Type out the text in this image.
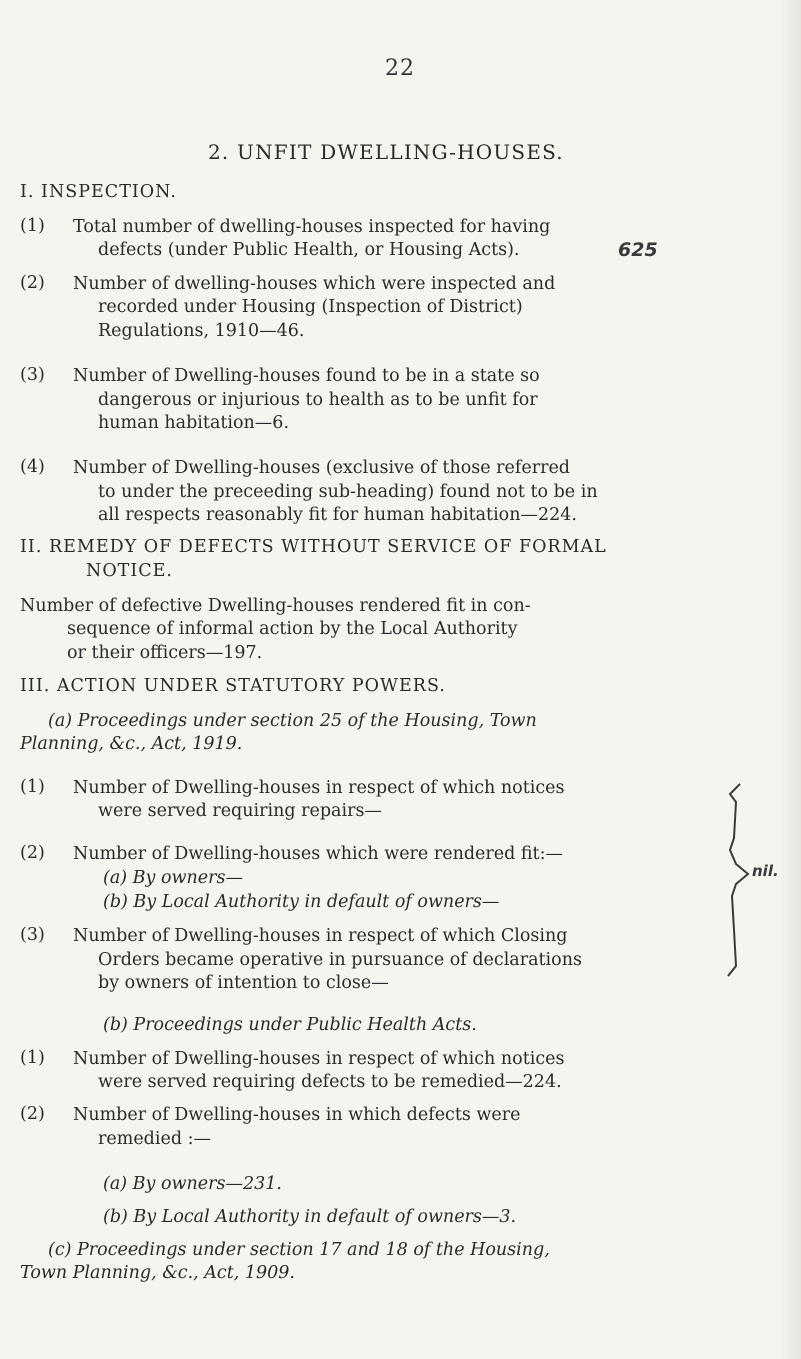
22
2. UNFIT DWELLING-HOUSES.
I. INSPECTION.
(1) Total number of dwelling-houses inspected for having
defects (under Public Health, or Housing Acts).	625
(2) Number of dwelling-houses which were inspected and
recorded under Housing (Inspection of District)
Regulations, 1910—46.
(3) Number of Dwelling-houses found to be in a state so
dangerous or injurious to health as to be unfit for
human habitation—6.
(4) Number of Dwelling-houses (exclusive of those referred
to under the preceeding sub-heading) found not to be in
all respects reasonably fit for human habitation—224.
II. REMEDY OF DEFECTS WITHOUT SERVICE OF FORMAL
NOTICE.
Number of defective Dwelling-houses rendered fit in con-
sequence of informal action by the Local Authority
or their officers—197.
III. ACTION UNDER STATUTORY POWERS.
(a) Proceedings under section 25 of the Housing, Town
Planning, &c., Act, 1919.
(1) Number of Dwelling-houses in respect of which notices
were served requiring repairs—
(2) Number of Dwelling-houses which were rendered fit:—
(a) By owners—
(b) By Local Authority in default of owners—
(3) Number of Dwelling-houses in respect of which Closing
Orders became operative in pursuance of declarations
by owners of intention to close—
nil.
(b) Proceedings under Public Health Acts.
(1) Number of Dwelling-houses in respect of which notices
were served requiring defects to be remedied—224.
(2) Number of Dwelling-houses in which defects were
remedied :—
(a) By owners—231.
(b) By Local Authority in default of owners—3.
(c) Proceedings under section 17 and 18 of the Housing,
Town Planning, &c., Act, 1909.
